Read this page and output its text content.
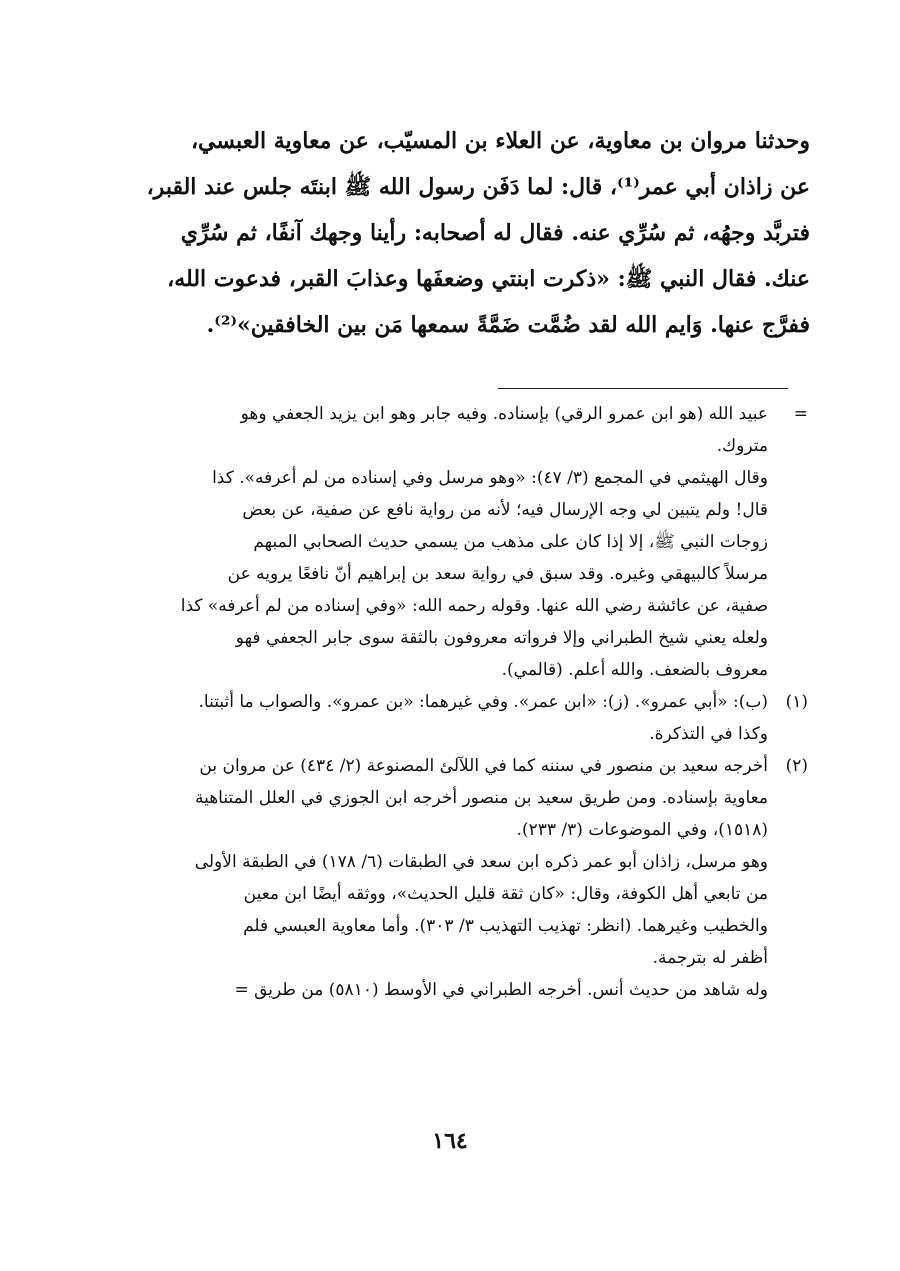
وحدثنا مروان بن معاوية، عن العلاء بن المسيّب، عن معاوية العبسي،
عن زاذان أبي عمر⁽¹⁾، قال: لما دَفَن رسول الله ﷺ ابنتَه جلس عند القبر،
فتربَّد وجهُه، ثم سُرِّي عنه. فقال له أصحابه: رأينا وجهك آنفًا، ثم سُرِّي
عنك. فقال النبي ﷺ: «ذكرت ابنتي وضعفَها وعذابَ القبر، فدعوت الله،
ففرَّج عنها. وَايم الله لقد ضُمَّت ضَمَّةً سمعها مَن بين الخافقين»⁽²⁾.
=
عبيد الله (هو ابن عمرو الرقي) بإسناده. وفيه جابر وهو ابن يزيد الجعفي وهو
متروك.
وقال الهيثمي في المجمع (٣/ ٤٧): «وهو مرسل وفي إسناده من لم أعرفه». كذا
قال! ولم يتبين لي وجه الإرسال فيه؛ لأنه من رواية نافع عن صفية، عن بعض
زوجات النبي ﷺ، إلا إذا كان على مذهب من يسمي حديث الصحابي المبهم
مرسلاً كالبيهقي وغيره. وقد سبق في رواية سعد بن إبراهيم أنّ نافعًا يرويه عن
صفية، عن عائشة رضي الله عنها. وقوله رحمه الله: «وفي إسناده من لم أعرفه» كذا
ولعله يعني شيخ الطبراني وإلا فرواته معروفون بالثقة سوى جابر الجعفي فهو
معروف بالضعف. والله أعلم. (قالمي).
(١)
(ب): «أبي عمرو». (ز): «ابن عمر». وفي غيرهما: «بن عمرو». والصواب ما أثبتنا.
وكذا في التذكرة.
(٢)
أخرجه سعيد بن منصور في سننه كما في اللآلئ المصنوعة (٢/ ٤٣٤) عن مروان بن
معاوية بإسناده. ومن طريق سعيد بن منصور أخرجه ابن الجوزي في العلل المتناهية
(١٥١٨)، وفي الموضوعات (٣/ ٢٣٣).
وهو مرسل، زاذان أبو عمر ذكره ابن سعد في الطبقات (٦/ ١٧٨) في الطبقة الأولى
من تابعي أهل الكوفة، وقال: «كان ثقة قليل الحديث»، ووثقه أيضًا ابن معين
والخطيب وغيرهما. (انظر: تهذيب التهذيب ٣/ ٣٠٣). وأما معاوية العبسي فلم
أظفر له بترجمة.
وله شاهد من حديث أنس. أخرجه الطبراني في الأوسط (٥٨١٠) من طريق =
١٦٤
